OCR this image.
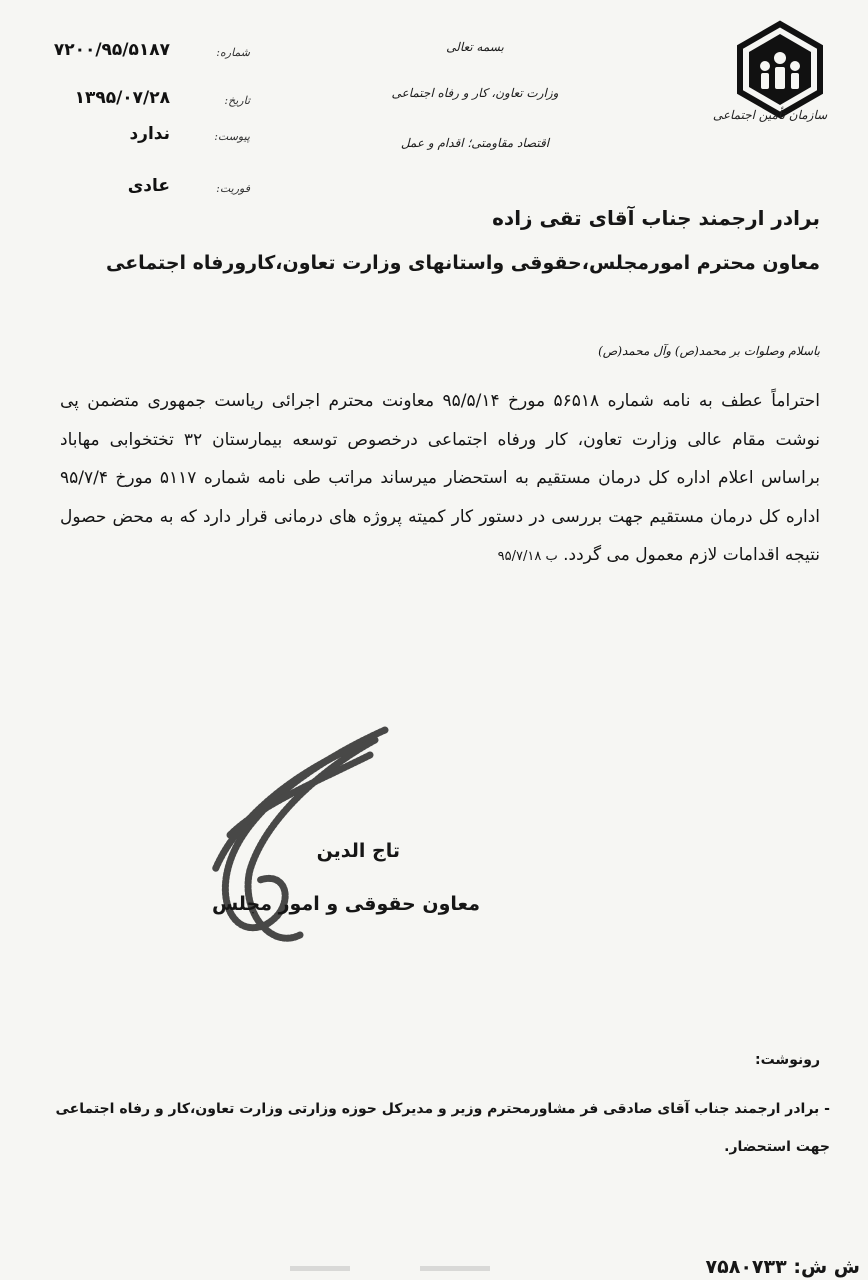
سازمان تأمین اجتماعی
بسمه تعالی
وزارت تعاون، کار و رفاه اجتماعی
اقتصاد مقاومتی؛ اقدام و عمل
شماره:
۷۲۰۰/۹۵/۵۱۸۷
تاریخ:
۱۳۹۵/۰۷/۲۸
پیوست:
ندارد
فوریت:
عادی
برادر ارجمند جناب آقای تقی زاده
معاون محترم امورمجلس،حقوقی واستانهای وزارت تعاون،کارورفاه اجتماعی
باسلام وصلوات بر محمد(ص) وآل محمد(ص)
احتراماً عطف به نامه شماره ۵۶۵۱۸ مورخ ۹۵/۵/۱۴ معاونت محترم اجرائی ریاست جمهوری متضمن پی نوشت مقام عالی وزارت تعاون، کار ورفاه اجتماعی درخصوص توسعه بیمارستان ۳۲ تختخوابی مهاباد براساس اعلام اداره کل درمان مستقیم به استحضار میرساند مراتب طی نامه شماره ۵۱۱۷ مورخ ۹۵/۷/۴ اداره کل درمان مستقیم جهت بررسی در دستور کار کمیته پروژه های درمانی قرار دارد که به محض حصول نتیجه اقدامات لازم معمول می گردد. ب ۹۵/۷/۱۸
تاج الدین
معاون حقوقی و امور مجلس
رونوشت:
- برادر ارجمند جناب آقای صادقی فر مشاورمحترم وزیر و مدیرکل حوزه وزارتی وزارت تعاون،کار و رفاه اجتماعی جهت استحضار.
ش ش: ۷۵۸۰۷۳۳
